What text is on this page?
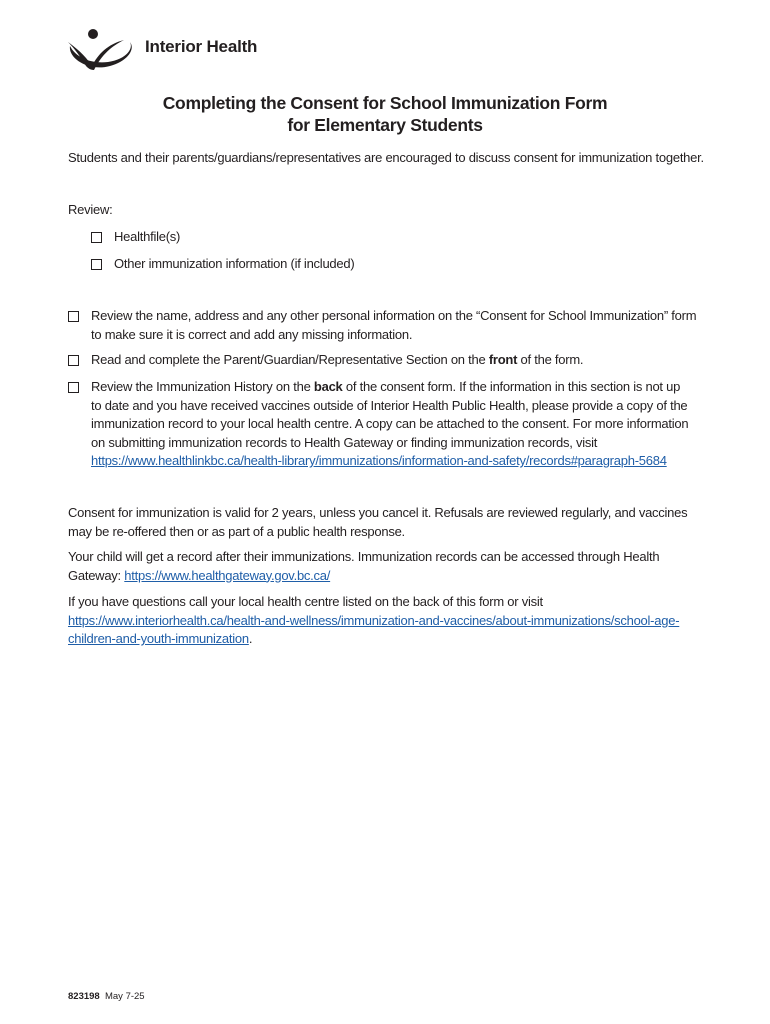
Interior Health
Completing the Consent for School Immunization Form
for Elementary Students
Students and their parents/guardians/representatives are encouraged to discuss consent for immunization together.
Review:
Healthfile(s)
Other immunization information (if included)
Review the name, address and any other personal information on the “Consent for School Immunization” form
to make sure it is correct and add any missing information.
Read and complete the Parent/Guardian/Representative Section on the front of the form.
Review the Immunization History on the back of the consent form. If the information in this section is not up
to date and you have received vaccines outside of Interior Health Public Health, please provide a copy of the
immunization record to your local health centre. A copy can be attached to the consent. For more information
on submitting immunization records to Health Gateway or finding immunization records, visit
https://www.healthlinkbc.ca/health-library/immunizations/information-and-safety/records#paragraph-5684
Consent for immunization is valid for 2 years, unless you cancel it. Refusals are reviewed regularly, and vaccines
may be re-offered then or as part of a public health response.
Your child will get a record after their immunizations. Immunization records can be accessed through Health
Gateway: https://www.healthgateway.gov.bc.ca/
If you have questions call your local health centre listed on the back of this form or visit
https://www.interiorhealth.ca/health-and-wellness/immunization-and-vaccines/about-immunizations/school-age-
children-and-youth-immunization.
823198 May 7-25
